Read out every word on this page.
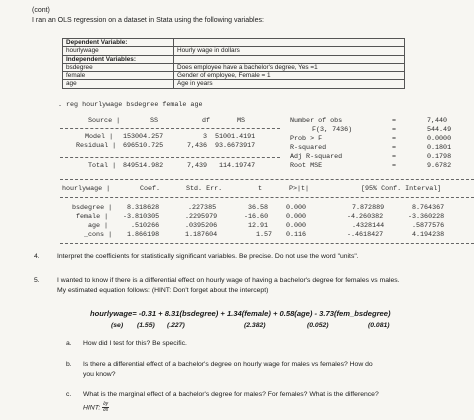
(cont)
I ran an OLS regression on a dataset in Stata using the following variables:
Dependent Variable:	
hourlywage	Hourly wage in dollars
Independent Variables:	
bsdegree	Does employee have a bachelor's degree, Yes =1
female	Gender of employee, Female = 1
age	Age in years
. reg hourlywage bsdegree female age
Source |	SS	df	MS
Model | 153004.257	3 51001.4191
Residual | 696510.725	7,436 93.6673917
Total | 849514.982	7,439 114.19747
Number of obs	=	7,440
F(3, 7436)	=	544.49
Prob > F	=	0.0000
R-squared	=	0.1801
Adj R-squared	=	0.1798
Root MSE	=	9.6782
hourlywage |	Coef.	Std. Err.	t	P>|t|	[95% Conf. Interval]
bsdegree | 8.318628	.227385	36.58	0.000	7.872889	8.764367
female | -3.810305	.2295979	-16.60	0.000	-4.260382	-3.360228
age |	.510266	.0395206	12.91	0.000	.4328144	.5877576
_cons | 1.866198	1.187604	1.57 0.116	-.4618427	4.194238
4.	Interpret the coefficients for statistically significant variables. Be precise. Do not use the word "units".
5.	I wanted to know if there is a differential effect on hourly wage of having a bachelor's degree for females vs males.
My estimated equation follows: (HINT: Don't forget about the intercept)
hourlywage= -0.31 + 8.31(bsdegree) + 1.34(female) + 0.58(age) - 3.73(fem_bsdegree)
(se) (1.55) (.227)	(2.382)	(0.052)	(0.081)
a. How did I test for this? Be specific.
b. Is there a differential effect of a bachelor's degree on hourly wage for males vs females? How do
you know?
c. What is the marginal effect of a bachelor's degree for males? For females? What is the difference?
HINT: $\frac{\partial y}{\partial s}$
